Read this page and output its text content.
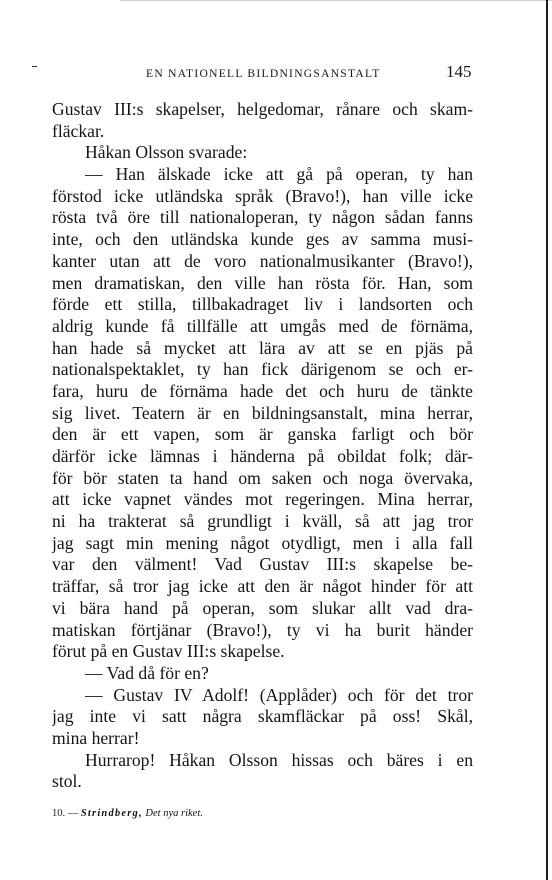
EN NATIONELL BILDNINGSANSTALT	145
Gustav III:s skapelser, helgedomar, rånare och skam-
fläckar.
Håkan Olsson svarade:
— Han älskade icke att gå på operan, ty han
förstod icke utländska språk (Bravo!), han ville icke
rösta två öre till nationaloperan, ty någon sådan fanns
inte, och den utländska kunde ges av samma musi-
kanter utan att de voro nationalmusikanter (Bravo!),
men dramatiskan, den ville han rösta för. Han, som
förde ett stilla, tillbakadraget liv i landsorten och
aldrig kunde få tillfälle att umgås med de förnäma,
han hade så mycket att lära av att se en pjäs på
nationalspektaklet, ty han fick därigenom se och er-
fara, huru de förnäma hade det och huru de tänkte
sig livet. Teatern är en bildningsanstalt, mina herrar,
den är ett vapen, som är ganska farligt och bör
därför icke lämnas i händerna på obildat folk; där-
för bör staten ta hand om saken och noga övervaka,
att icke vapnet vändes mot regeringen. Mina herrar,
ni ha trakterat så grundligt i kväll, så att jag tror
jag sagt min mening något otydligt, men i alla fall
var den välment! Vad Gustav III:s skapelse be-
träffar, så tror jag icke att den är något hinder för att
vi bära hand på operan, som slukar allt vad dra-
matiskan förtjänar (Bravo!), ty vi ha burit händer
förut på en Gustav III:s skapelse.
— Vad då för en?
— Gustav IV Adolf! (Applåder) och för det tror
jag inte vi satt några skamfläckar på oss! Skål,
mina herrar!
Hurrarop! Håkan Olsson hissas och bäres i en
stol.
10. — Strindberg, Det nya riket.
